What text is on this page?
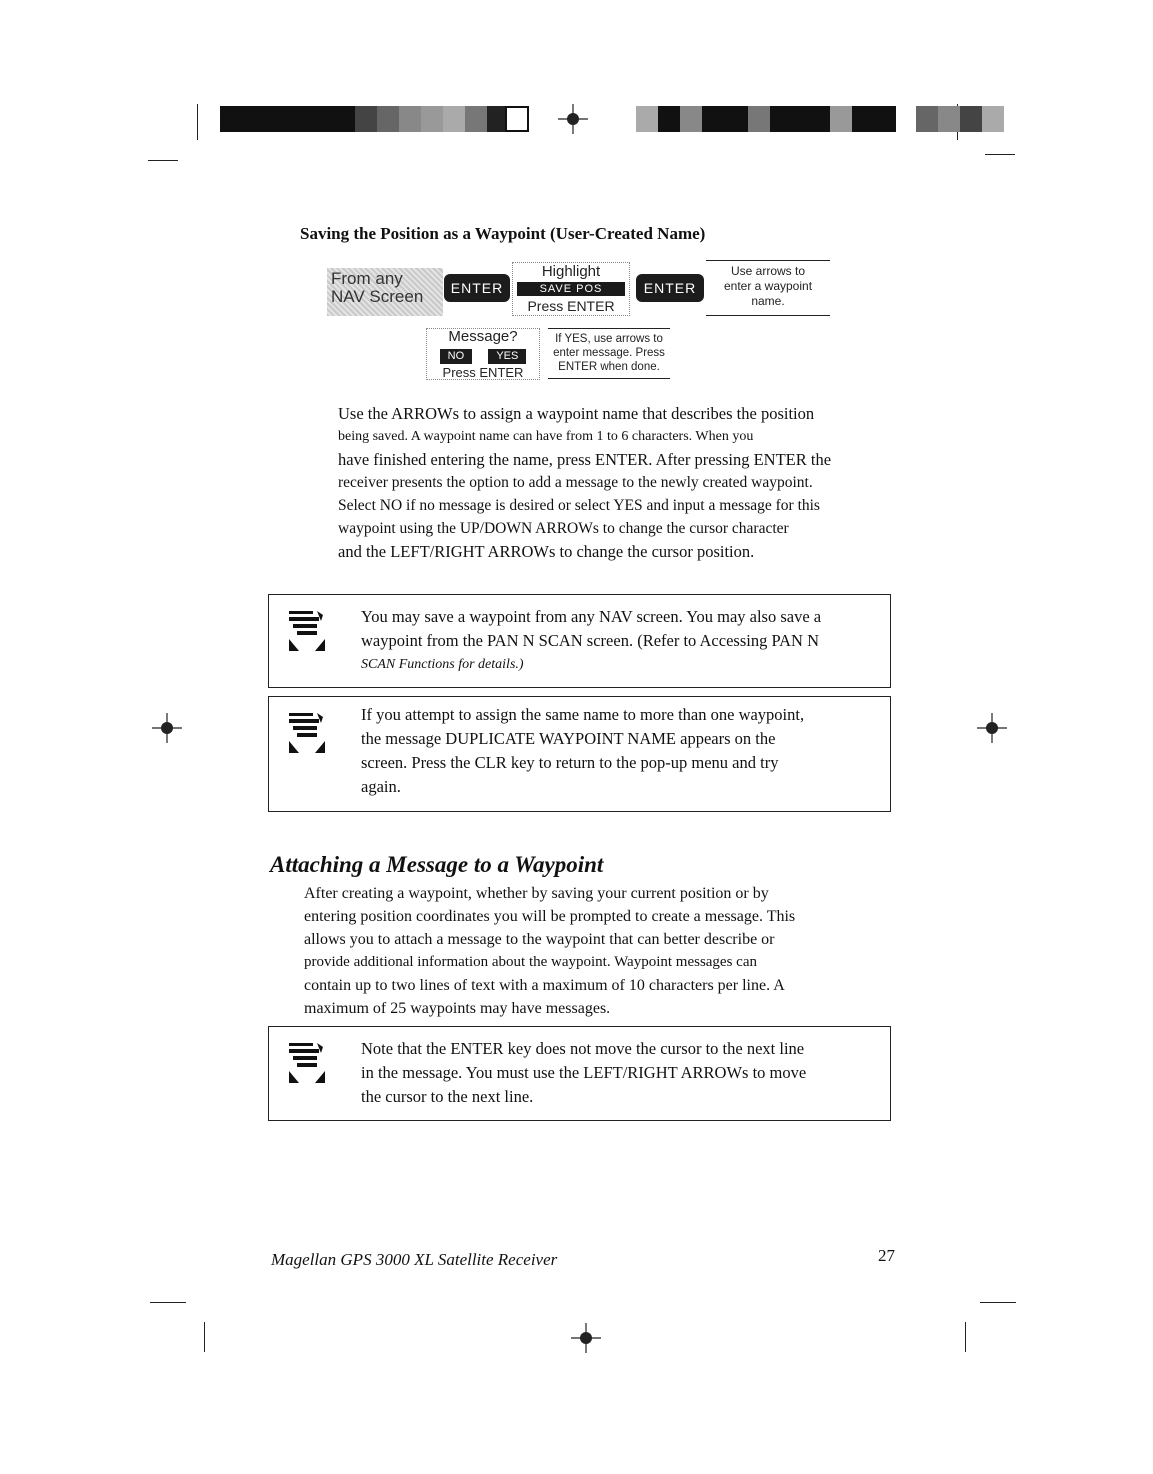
Saving the Position as a Waypoint (User-Created Name)
From any
NAV Screen	ENTER
Highlight
SAVE POS
Press ENTER
ENTER
Use arrows to
enter a waypoint
name.
Message?
NO	YES
Press ENTER
If YES, use arrows to
enter message. Press
ENTER when done.
Use the ARROWs to assign a waypoint name that describes the position
being saved. A waypoint name can have from 1 to 6 characters. When you
have finished entering the name, press ENTER. After pressing ENTER the
receiver presents the option to add a message to the newly created waypoint.
Select NO if no message is desired or select YES and input a message for this
waypoint using the UP/DOWN ARROWs to change the cursor character
and the LEFT/RIGHT ARROWs to change the cursor position.
You may save a waypoint from any NAV screen. You may also save a
waypoint from the PAN N SCAN screen. (Refer to Accessing PAN N
SCAN Functions for details.)
If you attempt to assign the same name to more than one waypoint,
the message DUPLICATE WAYPOINT NAME appears on the
screen. Press the CLR key to return to the pop-up menu and try
again.
Attaching a Message to a Waypoint
After creating a waypoint, whether by saving your current position or by
entering position coordinates you will be prompted to create a message. This
allows you to attach a message to the waypoint that can better describe or
provide additional information about the waypoint. Waypoint messages can
contain up to two lines of text with a maximum of 10 characters per line. A
maximum of 25 waypoints may have messages.
Note that the ENTER key does not move the cursor to the next line
in the message. You must use the LEFT/RIGHT ARROWs to move
the cursor to the next line.
Magellan GPS 3000 XL Satellite Receiver	27
